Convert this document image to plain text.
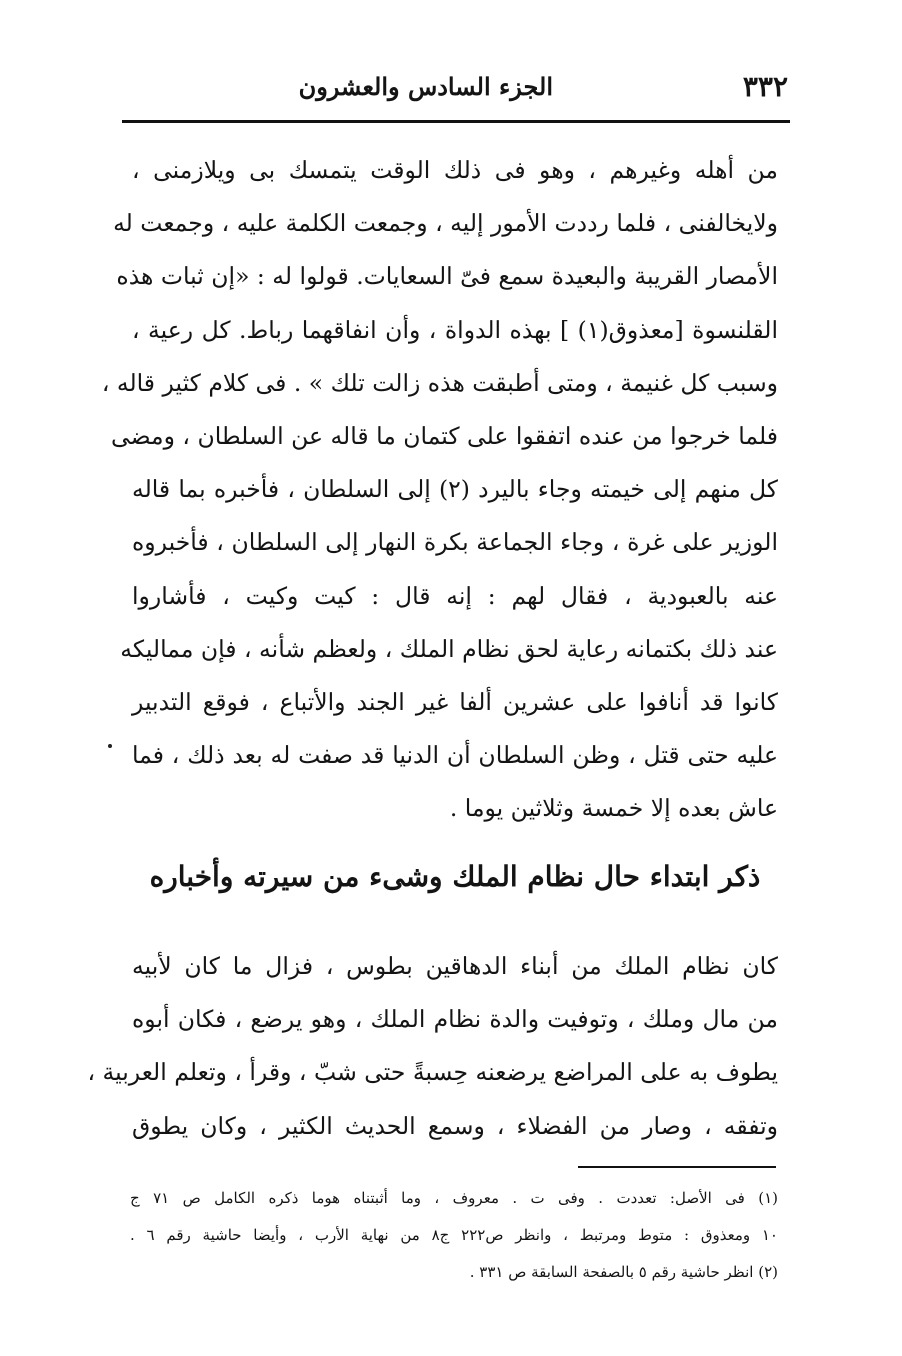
٣٣٢
الجزء السادس والعشرون
من أهله وغيرهم ، وهو فى ذلك الوقت يتمسك بى ويلازمنى ،
ولايخالفنى ، فلما رددت الأمور إليه ، وجمعت الكلمة عليه ، وجمعت له
الأمصار القريبة والبعيدة سمع فىّ السعايات. قولوا له : «إن ثبات هذه
القلنسوة [معذوق(١) ] بهذه الدواة ، وأن انفاقهما رباط. كل رعية ،
وسبب كل غنيمة ، ومتى أطبقت هذه زالت تلك » . فى كلام كثير قاله ،
فلما خرجوا من عنده اتفقوا على كتمان ما قاله عن السلطان ، ومضى
كل منهم إلى خيمته وجاء باليرد (٢) إلى السلطان ، فأخبره بما قاله
الوزير على غرة ، وجاء الجماعة بكرة النهار إلى السلطان ، فأخبروه
عنه بالعبودية ، فقال لهم : إنه قال : كيت وكيت ، فأشاروا
عند ذلك بكتمانه رعاية لحق نظام الملك ، ولعظم شأنه ، فإن مماليكه
كانوا قد أنافوا على عشرين ألفا غير الجند والأتباع ، فوقع التدبير
عليه حتى قتل ، وظن السلطان أن الدنيا قد صفت له بعد ذلك ، فما
عاش بعده إلا خمسة وثلاثين يوما .
ذكر ابتداء حال نظام الملك وشىء من سيرته وأخباره
كان نظام الملك من أبناء الدهاقين بطوس ، فزال ما كان لأبيه
من مال وملك ، وتوفيت والدة نظام الملك ، وهو يرضع ، فكان أبوه
يطوف به على المراضع يرضعنه حِسبةً حتى شبّ ، وقرأ ، وتعلم العربية ،
وتفقه ، وصار من الفضلاء ، وسمع الحديث الكثير ، وكان يطوق
(١) فى الأصل: تعددت . وفى ت . معروف ، وما أثبتناه هوما ذكره الكامل ص ٧١ ج
١٠ ومعذوق : متوط ومرتبط ، وانظر ص٢٢٢ ج٨ من نهاية الأرب ، وأيضا حاشية رقم ٦ .
(٢) انظر حاشية رقم ٥ بالصفحة السابقة ص ٣٣١ .
